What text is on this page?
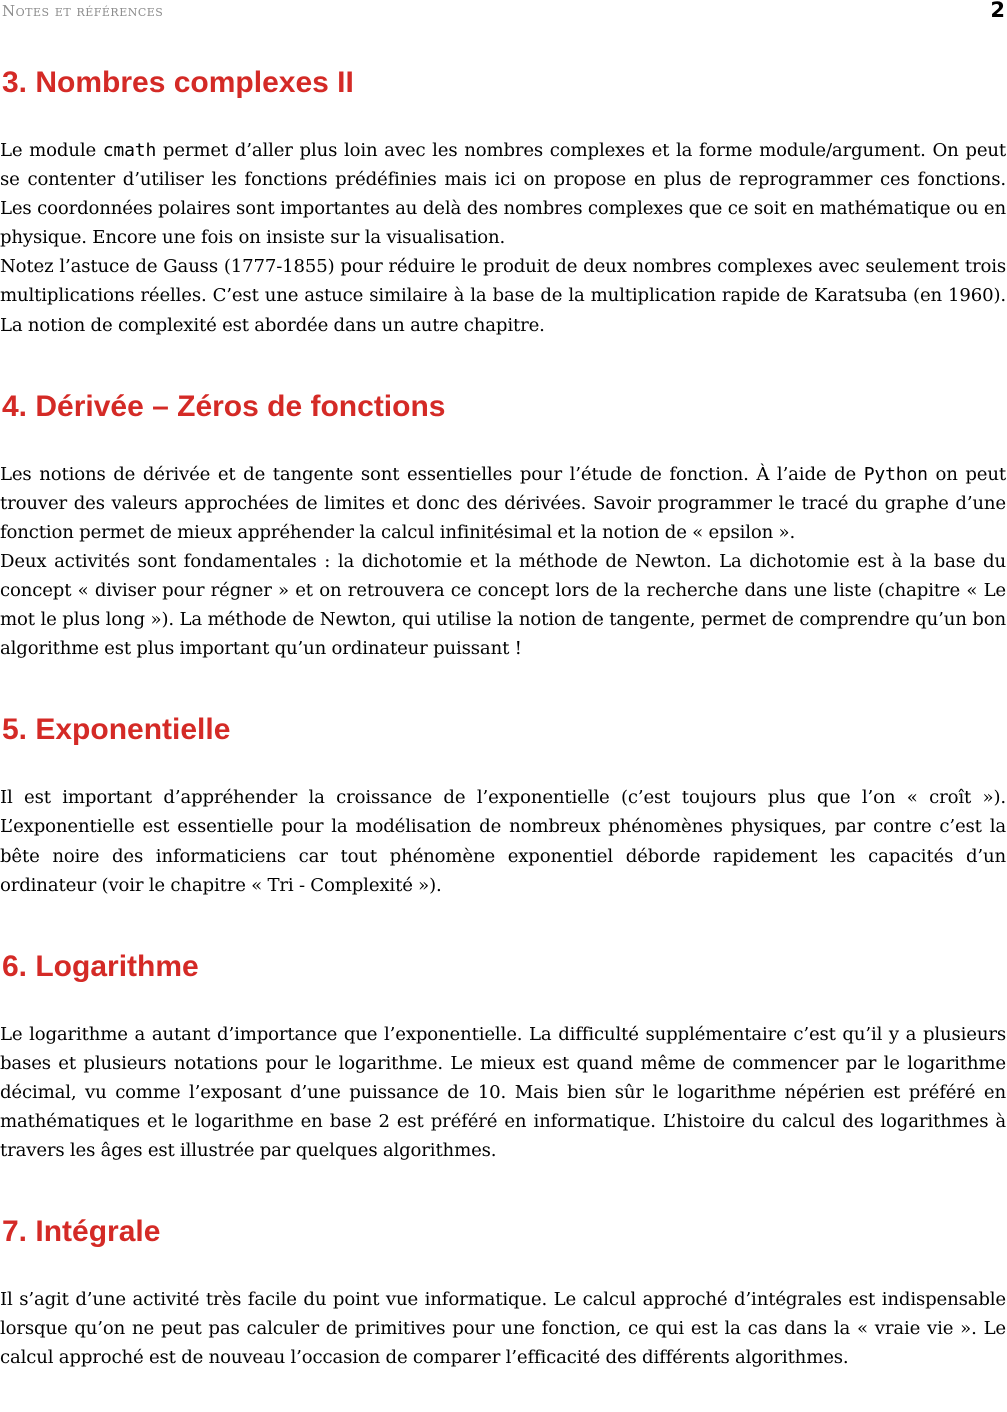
Notes et références	2
3. Nombres complexes II

Le module cmath permet d’aller plus loin avec les nombres complexes et la forme module/argument. On peut se contenter d’utiliser les fonctions prédéfinies mais ici on propose en plus de reprogrammer ces fonctions. Les coordonnées polaires sont importantes au delà des nombres complexes que ce soit en mathématique ou en physique. Encore une fois on insiste sur la visualisation.

Notez l’astuce de Gauss (1777-1855) pour réduire le produit de deux nombres complexes avec seulement trois multiplications réelles. C’est une astuce similaire à la base de la multiplication rapide de Karatsuba (en 1960). La notion de complexité est abordée dans un autre chapitre.

4. Dérivée – Zéros de fonctions

Les notions de dérivée et de tangente sont essentielles pour l’étude de fonction. À l’aide de Python on peut trouver des valeurs approchées de limites et donc des dérivées. Savoir programmer le tracé du graphe d’une fonction permet de mieux appréhender la calcul infinitésimal et la notion de « epsilon ».

Deux activités sont fondamentales : la dichotomie et la méthode de Newton. La dichotomie est à la base du concept « diviser pour régner » et on retrouvera ce concept lors de la recherche dans une liste (chapitre « Le mot le plus long »). La méthode de Newton, qui utilise la notion de tangente, permet de comprendre qu’un bon algorithme est plus important qu’un ordinateur puissant !

5. Exponentielle

Il est important d’appréhender la croissance de l’exponentielle (c’est toujours plus que l’on « croît »). L’exponentielle est essentielle pour la modélisation de nombreux phénomènes physiques, par contre c’est la bête noire des informaticiens car tout phénomène exponentiel déborde rapidement les capacités d’un ordinateur (voir le chapitre « Tri - Complexité »).

6. Logarithme

Le logarithme a autant d’importance que l’exponentielle. La difficulté supplémentaire c’est qu’il y a plusieurs bases et plusieurs notations pour le logarithme. Le mieux est quand même de commencer par le logarithme décimal, vu comme l’exposant d’une puissance de 10. Mais bien sûr le logarithme népérien est préféré en mathématiques et le logarithme en base 2 est préféré en informatique. L’histoire du calcul des logarithmes à travers les âges est illustrée par quelques algorithmes.

7. Intégrale

Il s’agit d’une activité très facile du point vue informatique. Le calcul approché d’intégrales est indispensable lorsque qu’on ne peut pas calculer de primitives pour une fonction, ce qui est la cas dans la « vraie vie ». Le calcul approché est de nouveau l’occasion de comparer l’efficacité des différents algorithmes.
